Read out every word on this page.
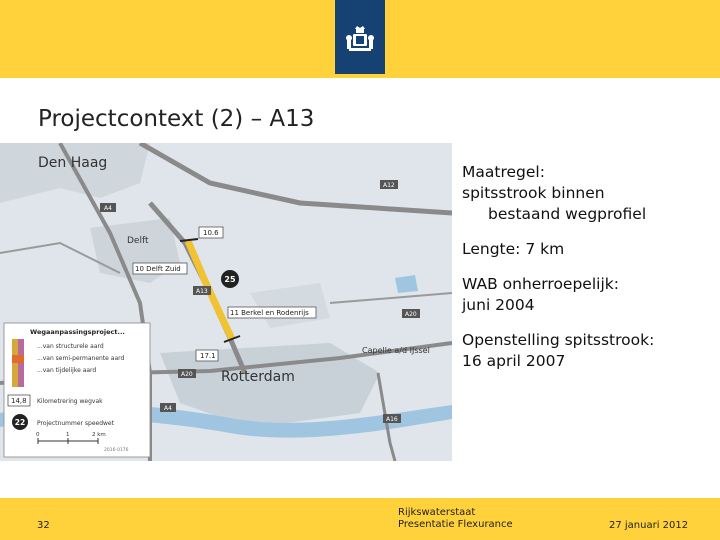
Projectcontext (2) – A13
A12
A4
A13
A20
A20
A4
A16
Den Haag
Delft
Rotterdam
Capelle a/d IJssel
10.6
17.1
10 Delft Zuid
11 Berkel en Rodenrijs
25
Wegaanpassingsproject...
...van structurele aard
...van semi-permanente aard
...van tijdelijke aard
14,8 Kilometrering wegvak
22 Projectnummer speedwet
0	1	2 km
2016-0176
Maatregel:
spitsstrook binnen
bestaand wegprofiel
Lengte: 7 km
WAB onherroepelijk:
juni 2004
Openstelling spitsstrook:
16 april 2007
32
Rijkswaterstaat
Presentatie Flexurance	27 januari 2012
